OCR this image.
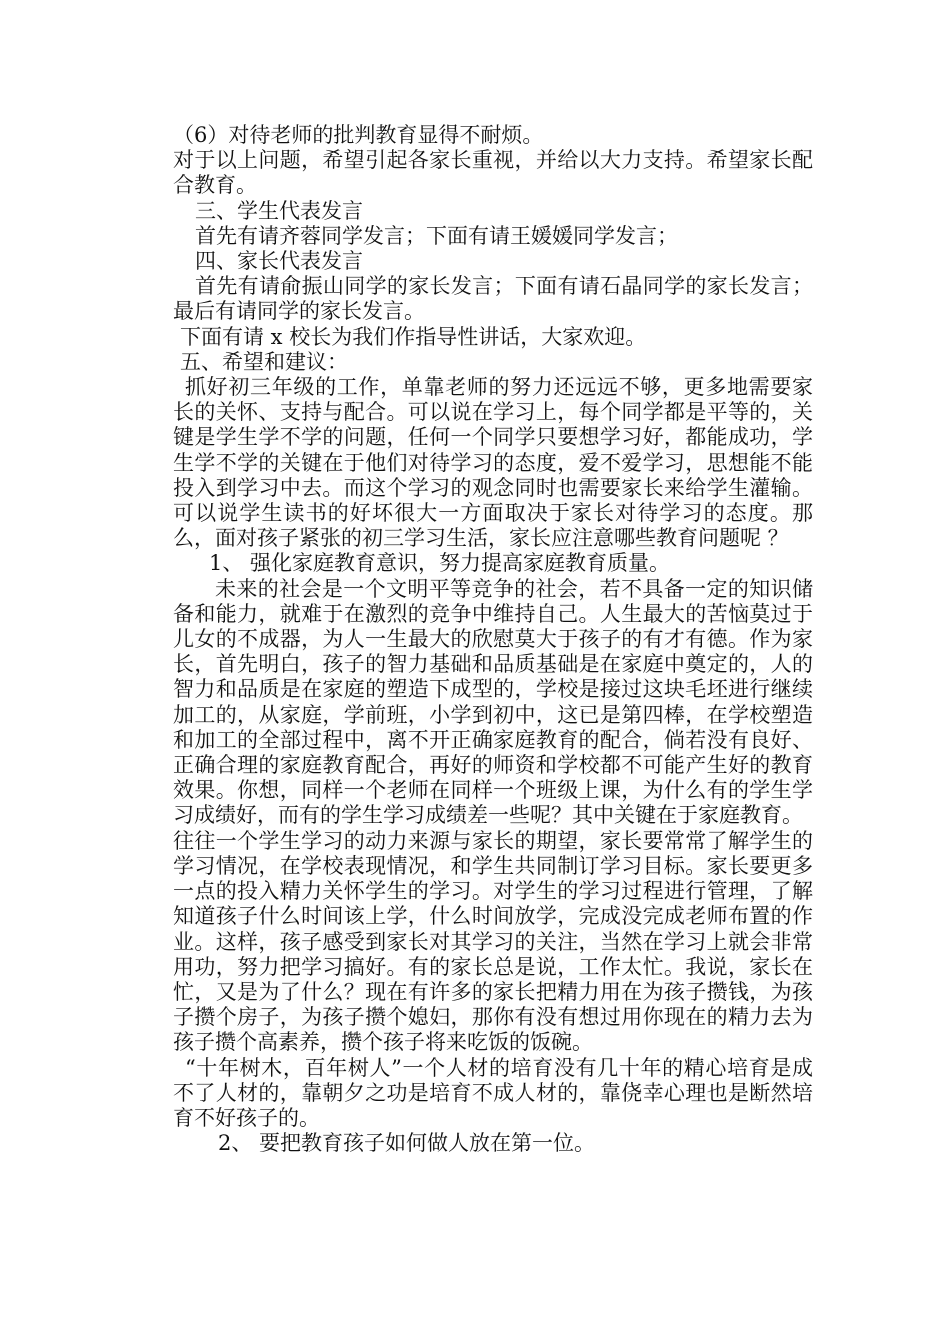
（6）对待老师的批判教育显得不耐烦。

对于以上问题，希望引起各家长重视，并给以大力支持。希望家长配合教育。

三、学生代表发言

首先有请齐蓉同学发言；下面有请王媛媛同学发言；

四、家长代表发言

首先有请俞振山同学的家长发言；下面有请石晶同学的家长发言；最后有请同学的家长发言。

下面有请 x 校长为我们作指导性讲话，大家欢迎。

五、希望和建议：

抓好初三年级的工作，单靠老师的努力还远远不够，更多地需要家长的关怀、支持与配合。可以说在学习上，每个同学都是平等的，关键是学生学不学的问题，任何一个同学只要想学习好，都能成功，学生学不学的关键在于他们对待学习的态度，爱不爱学习，思想能不能投入到学习中去。而这个学习的观念同时也需要家长来给学生灌输。可以说学生读书的好坏很大一方面取决于家长对待学习的态度。那么，面对孩子紧张的初三学习生活，家长应注意哪些教育问题呢 ？

1、 强化家庭教育意识，努力提高家庭教育质量。

未来的社会是一个文明平等竞争的社会，若不具备一定的知识储备和能力，就难于在激烈的竞争中维持自己。人生最大的苦恼莫过于儿女的不成器，为人一生最大的欣慰莫大于孩子的有才有德。作为家长，首先明白，孩子的智力基础和品质基础是在家庭中奠定的，人的智力和品质是在家庭的塑造下成型的，学校是接过这块毛坯进行继续加工的，从家庭，学前班，小学到初中，这已是第四棒，在学校塑造和加工的全部过程中，离不开正确家庭教育的配合，倘若没有良好、正确合理的家庭教育配合，再好的师资和学校都不可能产生好的教育效果。你想，同样一个老师在同样一个班级上课，为什么有的学生学习成绩好，而有的学生学习成绩差一些呢？其中关键在于家庭教育。

往往一个学生学习的动力来源与家长的期望，家长要常常了解学生的学习情况，在学校表现情况，和学生共同制订学习目标。家长要更多一点的投入精力关怀学生的学习。对学生的学习过程进行管理，了解知道孩子什么时间该上学，什么时间放学，完成没完成老师布置的作业。这样，孩子感受到家长对其学习的关注，当然在学习上就会非常用功，努力把学习搞好。有的家长总是说，工作太忙。我说，家长在忙，又是为了什么？现在有许多的家长把精力用在为孩子攒钱，为孩子攒个房子，为孩子攒个媳妇，那你有没有想过用你现在的精力去为孩子攒个高素养，攒个孩子将来吃饭的饭碗。

“十年树木，百年树人”一个人材的培育没有几十年的精心培育是成不了人材的，靠朝夕之功是培育不成人材的，靠侥幸心理也是断然培育不好孩子的。

2、 要把教育孩子如何做人放在第一位。
